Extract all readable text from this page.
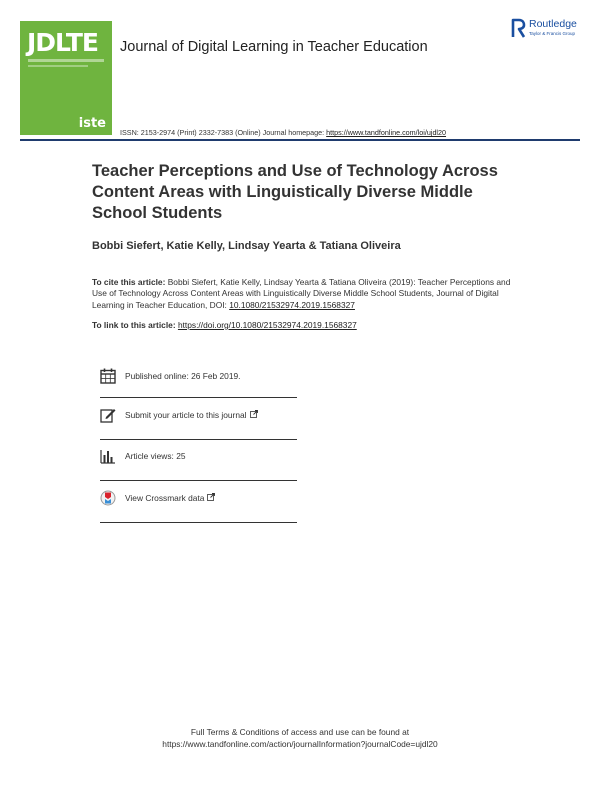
JDLTE
iste
Journal of Digital Learning in Teacher Education
Routledge
Taylor & Francis Group
ISSN: 2153-2974 (Print) 2332-7383 (Online) Journal homepage: https://www.tandfonline.com/loi/ujdl20
Teacher Perceptions and Use of Technology Across Content Areas with Linguistically Diverse Middle School Students
Bobbi Siefert, Katie Kelly, Lindsay Yearta & Tatiana Oliveira
To cite this article: Bobbi Siefert, Katie Kelly, Lindsay Yearta & Tatiana Oliveira (2019): Teacher Perceptions and Use of Technology Across Content Areas with Linguistically Diverse Middle School Students, Journal of Digital Learning in Teacher Education, DOI: 10.1080/21532974.2019.1568327
To link to this article: https://doi.org/10.1080/21532974.2019.1568327
Published online: 26 Feb 2019.
Submit your article to this journal
Article views: 25
View Crossmark data
Full Terms & Conditions of access and use can be found at
https://www.tandfonline.com/action/journalInformation?journalCode=ujdl20
